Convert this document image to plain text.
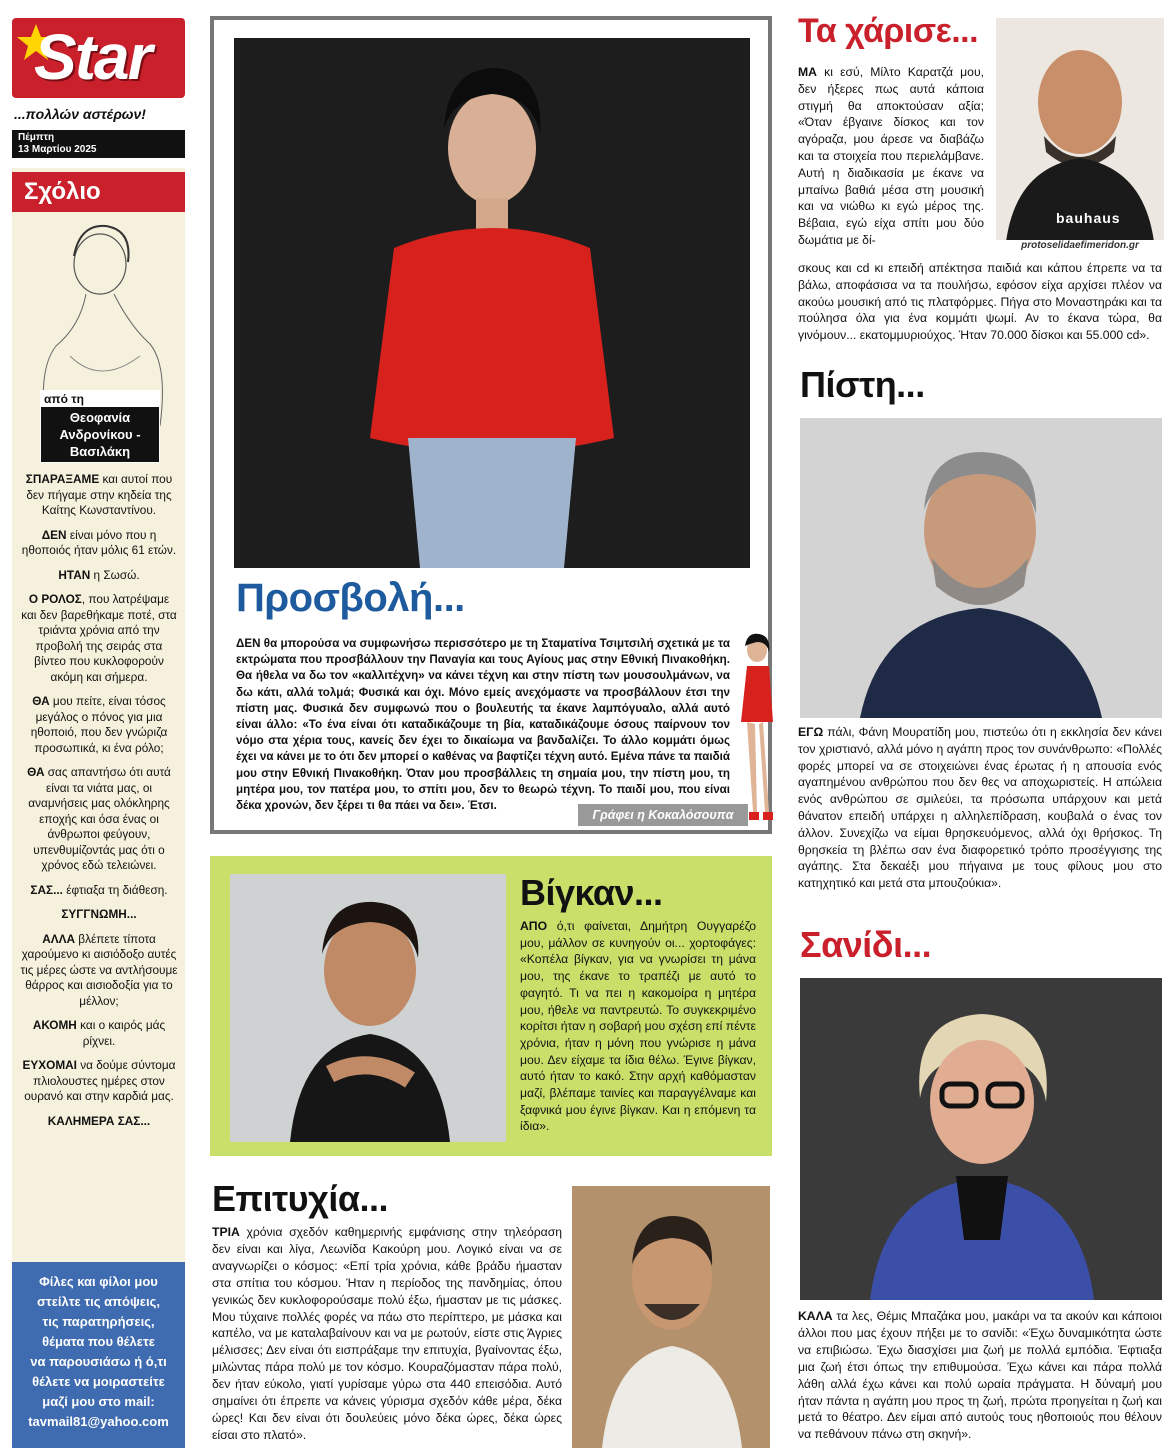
Star
...πολλών αστέρων!
Πέμπτη
13 Μαρτίου 2025
Σχόλιο
από τη
Θεοφανία Ανδρονίκου - Βασιλάκη

ΣΠΑΡΑΞΑΜΕ και αυτοί που δεν πήγαμε στην κηδεία της Καίτης Κωνσταντίνου.

ΔΕΝ είναι μόνο που η ηθοποιός ήταν μόλις 61 ετών.

ΗΤΑΝ η Σωσώ.

Ο ΡΟΛΟΣ, που λατρέψαμε και δεν βαρεθήκαμε ποτέ, στα τριάντα χρόνια από την προβολή της σειράς στα βίντεο που κυκλοφορούν ακόμη και σήμερα.

ΘΑ μου πείτε, είναι τόσος μεγάλος ο πόνος για μια ηθοποιό, που δεν γνώριζα προσωπικά, κι ένα ρόλο;

ΘΑ σας απαντήσω ότι αυτά είναι τα νιάτα μας, οι αναμνήσεις μας ολόκληρης εποχής και όσα ένας οι άνθρωποι φεύγουν, υπενθυμίζοντάς μας ότι ο χρόνος εδώ τελειώνει.

ΣΑΣ... έφτιαξα τη διάθεση.

ΣΥΓΓΝΩΜΗ...

ΑΛΛΑ βλέπετε τίποτα χαρούμενο κι αισιόδοξο αυτές τις μέρες ώστε να αντλήσουμε θάρρος και αισιοδοξία για το μέλλον;

ΑΚΟΜΗ και ο καιρός μάς ρίχνει.

ΕΥΧΟΜΑΙ να δούμε σύντομα πλιολουστες ημέρες στον ουρανό και στην καρδιά μας.

ΚΑΛΗΜΕΡΑ ΣΑΣ...

Φίλες και φίλοι μου
στείλτε τις απόψεις,
τις παρατηρήσεις,
θέματα που θέλετε
να παρουσιάσω ή ό,τι
θέλετε να μοιραστείτε
μαζί μου στο mail:
tavmail81@yahoo.com
Προσβολή...

ΔΕΝ θα μπορούσα να συμφωνήσω περισσότερο με τη Σταματίνα Τσιμτσιλή σχετικά με τα εκτρώματα που προσβάλλουν την Παναγία και τους Αγίους μας στην Εθνική Πινακοθήκη. Θα ήθελα να δω τον «καλλιτέχνη» να κάνει τέχνη και στην πίστη των μουσουλμάνων, να δω κάτι, αλλά τολμά; Φυσικά και όχι. Μόνο εμείς ανεχόμαστε να προσβάλλουν έτσι την πίστη μας. Φυσικά δεν συμφωνώ που ο βουλευτής τα έκανε λαμπόγυαλο, αλλά αυτό είναι άλλο: «Το ένα είναι ότι καταδικάζουμε τη βία, καταδικάζουμε όσους παίρνουν τον νόμο στα χέρια τους, κανείς δεν έχει το δικαίωμα να βανδαλίζει. Το άλλο κομμάτι όμως έχει να κάνει με το ότι δεν μπορεί ο καθένας να βαφτίζει τέχνη αυτό. Εμένα πάνε τα παιδιά μου στην Εθνική Πινακοθήκη. Όταν μου προσβάλλεις τη σημαία μου, την πίστη μου, τη μητέρα μου, τον πατέρα μου, το σπίτι μου, δεν το θεωρώ τέχνη. Το παιδί μου, που είναι δέκα χρονών, δεν ξέρει τι θα πάει να δει». Έτσι.

Γράφει η Κοκαλόσουπα
Βίγκαν...

ΑΠΟ ό,τι φαίνεται, Δημήτρη Ουγγαρέζο μου, μάλλον σε κυνηγούν οι... χορτοφάγες: «Κοπέλα βίγκαν, για να γνωρίσει τη μάνα μου, της έκανε το τραπέζι με αυτό το φαγητό. Τι να πει η κακομοίρα η μητέρα μου, ήθελε να παντρευτώ. Το συγκεκριμένο κορίτσι ήταν η σοβαρή μου σχέση επί πέντε χρόνια, ήταν η μόνη που γνώρισε η μάνα μου. Δεν είχαμε τα ίδια θέλω. Έγινε βίγκαν, αυτό ήταν το κακό. Στην αρχή καθόμασταν μαζί, βλέπαμε ταινίες και παραγγέλναμε και ξαφνικά μου έγινε βίγκαν. Και η επόμενη τα ίδια».

Επιτυχία...

ΤΡΙΑ χρόνια σχεδόν καθημερινής εμφάνισης στην τηλεόραση δεν είναι και λίγα, Λεωνίδα Κακούρη μου. Λογικό είναι να σε αναγνωρίζει ο κόσμος: «Επί τρία χρόνια, κάθε βράδυ ήμασταν στα σπίτια του κόσμου. Ήταν η περίοδος της πανδημίας, όπου γενικώς δεν κυκλοφορούσαμε πολύ έξω, ήμασταν με τις μάσκες. Μου τύχαινε πολλές φορές να πάω στο περίπτερο, με μάσκα και καπέλο, να με καταλαβαίνουν και να με ρωτούν, είστε στις Άγριες μέλισσες; Δεν είναι ότι εισπράξαμε την επιτυχία, βγαίνοντας έξω, μιλώντας πάρα πολύ με τον κόσμο. Κουραζόμασταν πάρα πολύ, δεν ήταν εύκολο, γιατί γυρίσαμε γύρω στα 440 επεισόδια. Αυτό σημαίνει ότι έπρεπε να κάνεις γύρισμα σχεδόν κάθε μέρα, δέκα ώρες! Και δεν είναι ότι δουλεύεις μόνο δέκα ώρες, δέκα ώρες είσαι στο πλατό».

Τα χάρισε...

ΜΑ κι εσύ, Μίλτο Καρατζά μου, δεν ήξερες πως αυτά κάποια στιγμή θα αποκτούσαν αξία; «Όταν έβγαινε δίσκος και τον αγόραζα, μου άρεσε να διαβάζω και τα στοιχεία που περιελάμβανε. Αυτή η διαδικασία με έκανε να μπαίνω βαθιά μέσα στη μουσική και να νιώθω κι εγώ μέρος της. Βέβαια, εγώ είχα σπίτι μου δύο δωμάτια με δί-

bauhaus
protoselidaefimeridon.gr

σκους και cd κι επειδή απέκτησα παιδιά και κάπου έπρεπε να τα βάλω, αποφάσισα να τα πουλήσω, εφόσον είχα αρχίσει πλέον να ακούω μουσική από τις πλατφόρμες. Πήγα στο Μοναστηράκι και τα πούλησα όλα για ένα κομμάτι ψωμί. Αν το έκανα τώρα, θα γινόμουν... εκατομμυριούχος. Ήταν 70.000 δίσκοι και 55.000 cd».

Πίστη...

ΕΓΩ πάλι, Φάνη Μουρατίδη μου, πιστεύω ότι η εκκλησία δεν κάνει τον χριστιανό, αλλά μόνο η αγάπη προς τον συνάνθρωπο: «Πολλές φορές μπορεί να σε στοιχειώνει ένας έρωτας ή η απουσία ενός αγαπημένου ανθρώπου που δεν θες να αποχωριστείς. Η απώλεια ενός ανθρώπου σε σμιλεύει, τα πρόσωπα υπάρχουν και μετά θάνατον επειδή υπάρχει η αλληλεπίδραση, κουβαλά ο ένας τον άλλον. Συνεχίζω να είμαι θρησκευόμενος, αλλά όχι θρήσκος. Τη θρησκεία τη βλέπω σαν ένα διαφορετικό τρόπο προσέγγισης της αγάπης. Στα δεκαέξι μου πήγαινα με τους φίλους μου στο κατηχητικό και μετά στα μπουζούκια».

Σανίδι...

ΚΑΛΑ τα λες, Θέμις Μπαζάκα μου, μακάρι να τα ακούν και κάποιοι άλλοι που μας έχουν πήξει με το σανίδι: «Έχω δυναμικότητα ώστε να επιβιώσω. Έχω διασχίσει μια ζωή με πολλά εμπόδια. Έφτιαξα μια ζωή έτσι όπως την επιθυμούσα. Έχω κάνει και πάρα πολλά λάθη αλλά έχω κάνει και πολύ ωραία πράγματα. Η δύναμή μου ήταν πάντα η αγάπη μου προς τη ζωή, πρώτα προηγείται η ζωή και μετά το θέατρο. Δεν είμαι από αυτούς τους ηθοποιούς που θέλουν να πεθάνουν πάνω στη σκηνή».
